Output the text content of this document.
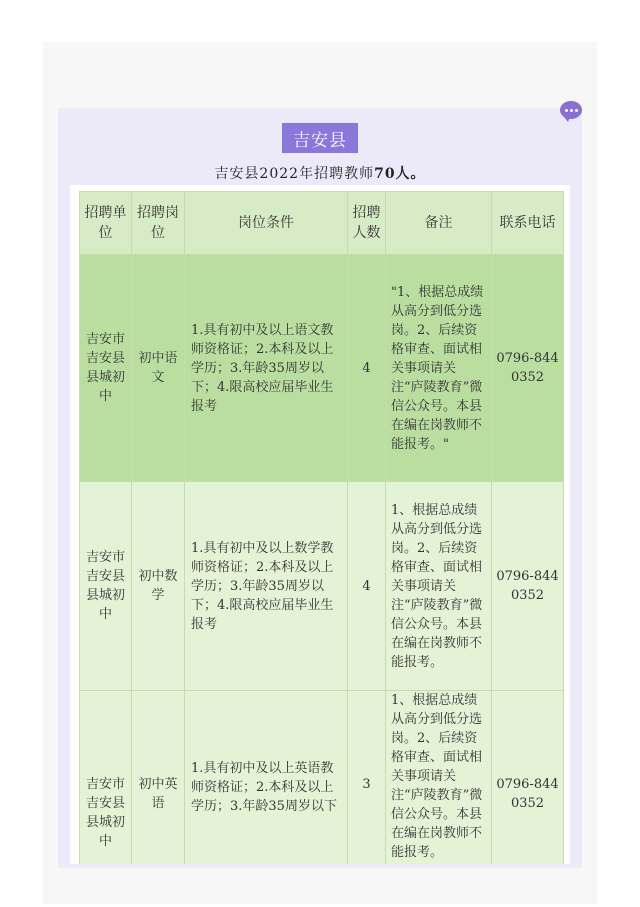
吉安县
吉安县2022年招聘教师70人。
招聘单位	招聘岗位	岗位条件	招聘人数	备注	联系电话
吉安市吉安县县城初中	初中语文	1.具有初中及以上语文教师资格证；2.本科及以上学历；3.年龄35周岁以下；4.限高校应届毕业生报考	4	"1、根据总成绩从高分到低分选岗。2、后续资格审查、面试相关事项请关注“庐陵教育”微信公众号。本县在编在岗教师不能报考。"	0796-8440352
吉安市吉安县县城初中	初中数学	1.具有初中及以上数学教师资格证；2.本科及以上学历；3.年龄35周岁以下；4.限高校应届毕业生报考	4	1、根据总成绩从高分到低分选岗。2、后续资格审查、面试相关事项请关注“庐陵教育”微信公众号。本县在编在岗教师不能报考。	0796-8440352

吉安市吉安县县城初中	初中英语	1.具有初中及以上英语教师资格证；2.本科及以上学历；3.年龄35周岁以下	3	1、根据总成绩从高分到低分选岗。2、后续资格审查、面试相关事项请关注“庐陵教育”微信公众号。本县在编在岗教师不能报考。	0796-8440352
